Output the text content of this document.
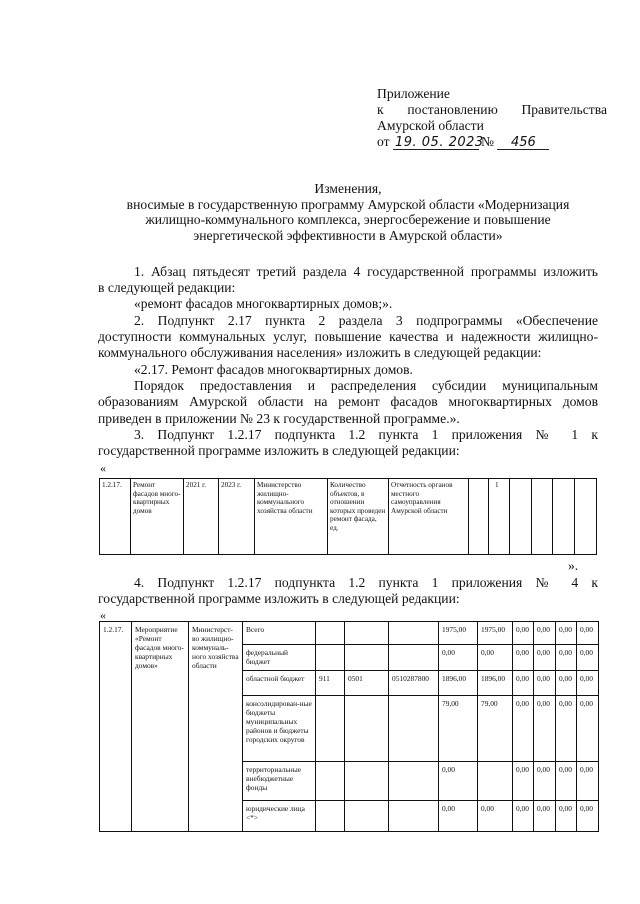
Приложение
к постановлению Правительства
Амурской области
от 19. 05. 2023№ 456
Изменения,
вносимые в государственную программу Амурской области «Модернизация
жилищно-коммунального комплекса, энергосбережение и повышение
энергетической эффективности в Амурской области»
1. Абзац пятьдесят третий раздела 4 государственной программы изложить
в следующей редакции:
«ремонт фасадов многоквартирных домов;».
2. Подпункт 2.17 пункта 2 раздела 3 подпрограммы «Обеспечение
доступности коммунальных услуг, повышение качества и надежности жилищно-
коммунального обслуживания населения» изложить в следующей редакции:
«2.17. Ремонт фасадов многоквартирных домов.
Порядок предоставления и распределения субсидии муниципальным
образованиям Амурской области на ремонт фасадов многоквартирных домов
приведен в приложении № 23 к государственной программе.».
3. Подпункт 1.2.17 подпункта 1.2 пункта 1 приложения № 1 к
государственной программе изложить в следующей редакции:
«
1.2.17.	Ремонт фасадов много-квартирных домов	2021 г.	2023 г.	Министерство жилищно-коммунального хозяйства области	Количество объектов, в отношении которых проведен ремонт фасада, ед.	Отчетность органов местного самоуправления Амурской области		1				
».
4. Подпункт 1.2.17 подпункта 1.2 пункта 1 приложения № 4 к
государственной программе изложить в следующей редакции:
«
1.2.17.	Мероприятие «Ремонт фасадов много-квартирных домов»	Министерст-во жилищно-коммуналь-ного хозяйства области	Всего				1975,00	1975,00	0,00	0,00	0,00	0,00
			федеральный бюджет				0,00	0,00	0,00	0,00	0,00	0,00
			областной бюджет	911	0501	0510287800	1896,00	1896,00	0,00	0,00	0,00	0,00
			консолидирован-ные бюджеты муниципальных районов и бюджеты городских округов				79,00	79,00	0,00	0,00	0,00	0,00
			территориальные внебюджетные фонды				0,00		0,00	0,00	0,00	0,00
			юридические лица <*>				0,00	0,00	0,00	0,00	0,00	0,00
